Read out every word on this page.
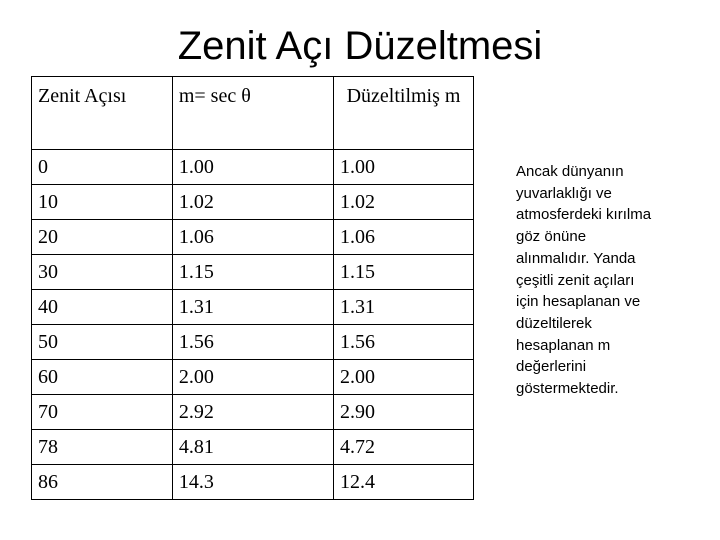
Zenit Açı Düzeltmesi
Zenit Açısı	m= sec θ	Düzeltilmiş m
0	1.00	1.00
10	1.02	1.02
20	1.06	1.06
30	1.15	1.15
40	1.31	1.31
50	1.56	1.56
60	2.00	2.00
70	2.92	2.90
78	4.81	4.72
86	14.3	12.4
Ancak dünyanın
yuvarlaklığı ve
atmosferdeki kırılma
göz önüne
alınmalıdır. Yanda
çeşitli zenit açıları
için hesaplanan ve
düzeltilerek
hesaplanan m
değerlerini
göstermektedir.
